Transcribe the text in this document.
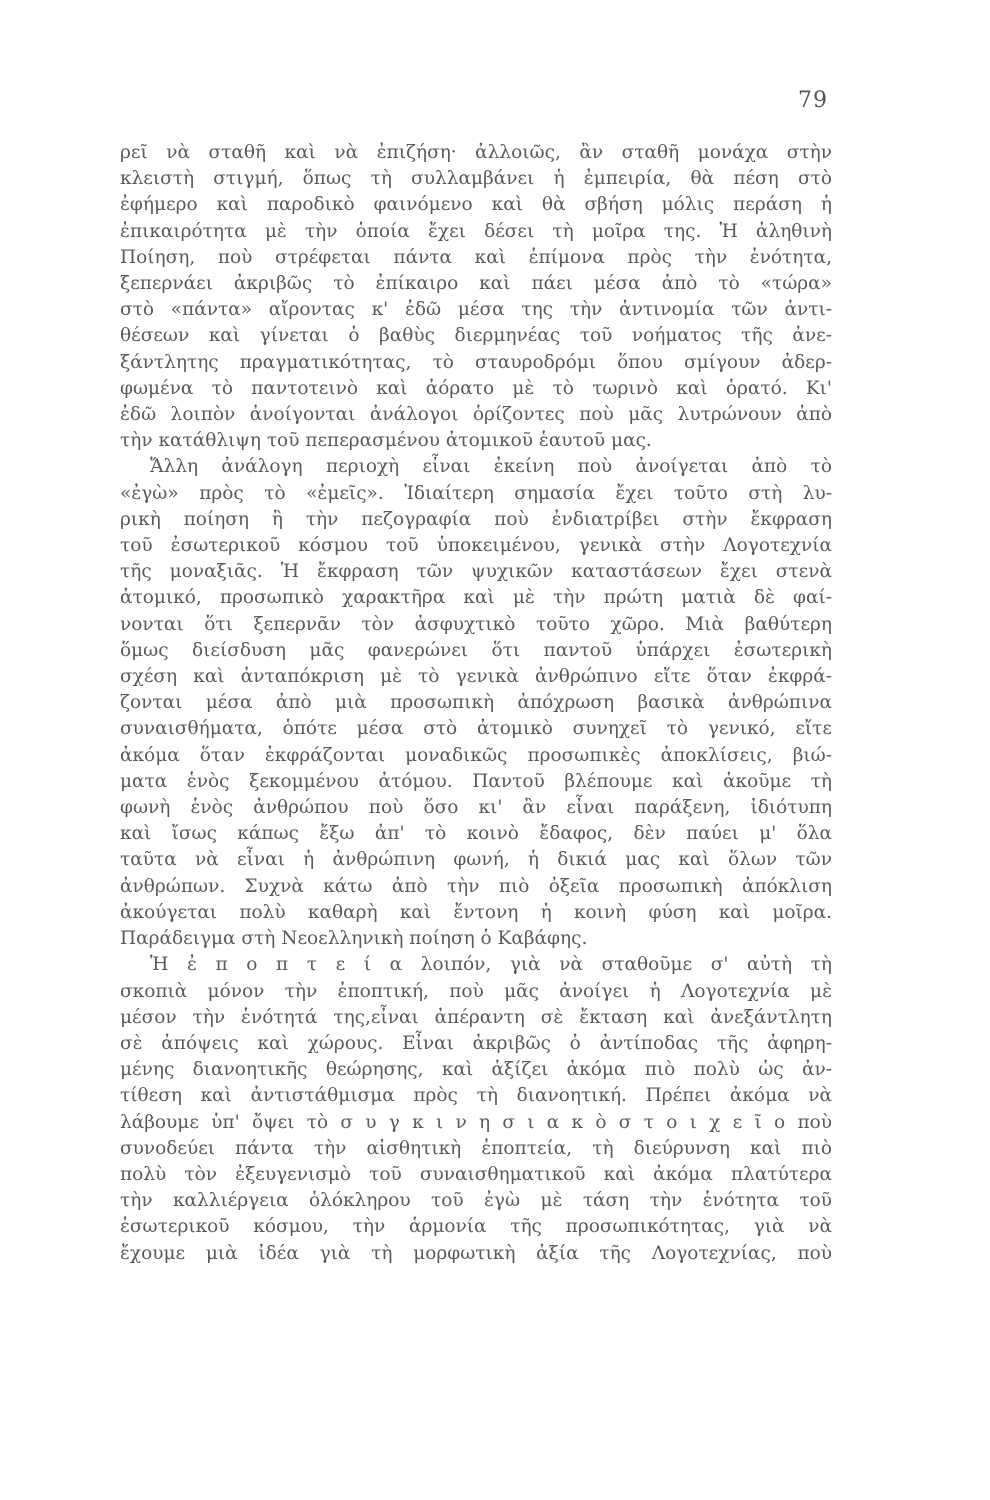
79

ρεῖ νὰ σταθῆ καὶ νὰ ἐπιζήση· ἀλλοιῶς, ἂν σταθῆ μονάχα στὴν
κλειστὴ στιγμή, ὅπως τὴ συλλαμβάνει ἡ ἐμπειρία, θὰ πέση στὸ
ἐφήμερο καὶ παροδικὸ φαινόμενο καὶ θὰ σβήση μόλις περάση ἡ
ἐπικαιρότητα μὲ τὴν ὁποία ἔχει δέσει τὴ μοῖρα της. Ἡ ἀληθινὴ
Ποίηση, ποὺ στρέφεται πάντα καὶ ἐπίμονα πρὸς τὴν ἑνότητα,
ξεπερνάει ἀκριβῶς τὸ ἐπίκαιρο καὶ πάει μέσα ἀπὸ τὸ «τώρα»
στὸ «πάντα» αἴροντας κ' ἐδῶ μέσα της τὴν ἀντινομία τῶν ἀντι-
θέσεων καὶ γίνεται ὁ βαθὺς διερμηνέας τοῦ νοήματος τῆς ἀνε-
ξάντλητης πραγματικότητας, τὸ σταυροδρόμι ὅπου σμίγουν ἀδερ-
φωμένα τὸ παντοτεινὸ καὶ ἀόρατο μὲ τὸ τωρινὸ καὶ ὁρατό. Κι'
ἐδῶ λοιπὸν ἀνοίγονται ἀνάλογοι ὁρίζοντες ποὺ μᾶς λυτρώνουν ἀπὸ
τὴν κατάθλιψη τοῦ πεπερασμένου ἀτομικοῦ ἑαυτοῦ μας.

Ἄλλη ἀνάλογη περιοχὴ εἶναι ἐκείνη ποὺ ἀνοίγεται ἀπὸ τὸ
«ἐγὼ» πρὸς τὸ «ἐμεῖς». Ἰδιαίτερη σημασία ἔχει τοῦτο στὴ λυ-
ρικὴ ποίηση ἢ τὴν πεζογραφία ποὺ ἐνδιατρίβει στὴν ἔκφραση
τοῦ ἐσωτερικοῦ κόσμου τοῦ ὑποκειμένου, γενικὰ στὴν Λογοτεχνία
τῆς μοναξιᾶς. Ἡ ἔκφραση τῶν ψυχικῶν καταστάσεων ἔχει στενὰ
ἀτομικό, προσωπικὸ χαρακτῆρα καὶ μὲ τὴν πρώτη ματιὰ δὲ φαί-
νονται ὅτι ξεπερνᾶν τὸν ἀσφυχτικὸ τοῦτο χῶρο. Μιὰ βαθύτερη
ὅμως διείσδυση μᾶς φανερώνει ὅτι παντοῦ ὑπάρχει ἐσωτερικὴ
σχέση καὶ ἀνταπόκριση μὲ τὸ γενικὰ ἀνθρώπινο εἴτε ὅταν ἐκφρά-
ζονται μέσα ἀπὸ μιὰ προσωπικὴ ἀπόχρωση βασικὰ ἀνθρώπινα
συναισθήματα, ὁπότε μέσα στὸ ἀτομικὸ συνηχεῖ τὸ γενικό, εἴτε
ἀκόμα ὅταν ἐκφράζονται μοναδικῶς προσωπικὲς ἀποκλίσεις, βιώ-
ματα ἑνὸς ξεκομμένου ἀτόμου. Παντοῦ βλέπουμε καὶ ἀκοῦμε τὴ
φωνὴ ἑνὸς ἀνθρώπου ποὺ ὅσο κι' ἂν εἶναι παράξενη, ἰδιότυπη
καὶ ἴσως κάπως ἔξω ἀπ' τὸ κοινὸ ἔδαφος, δὲν παύει μ' ὅλα
ταῦτα νὰ εἶναι ἡ ἀνθρώπινη φωνή, ἡ δικιά μας καὶ ὅλων τῶν
ἀνθρώπων. Συχνὰ κάτω ἀπὸ τὴν πιὸ ὀξεῖα προσωπικὴ ἀπόκλιση
ἀκούγεται πολὺ καθαρὴ καὶ ἔντονη ἡ κοινὴ φύση καὶ μοῖρα.
Παράδειγμα στὴ Νεοελληνικὴ ποίηση ὁ Καβάφης.

Ἡ ἐ π ο π τ ε ί α λοιπόν, γιὰ νὰ σταθοῦμε σ' αὐτὴ τὴ
σκοπιὰ μόνον τὴν ἐποπτική, ποὺ μᾶς ἀνοίγει ἡ Λογοτεχνία μὲ
μέσον τὴν ἑνότητά της,εἶναι ἀπέραντη σὲ ἔκταση καὶ ἀνεξάντλητη
σὲ ἀπόψεις καὶ χώρους. Εἶναι ἀκριβῶς ὁ ἀντίποδας τῆς ἀφηρη-
μένης διανοητικῆς θεώρησης, καὶ ἀξίζει ἀκόμα πιὸ πολὺ ὡς ἀν-
τίθεση καὶ ἀντιστάθμισμα πρὸς τὴ διανοητική. Πρέπει ἀκόμα νὰ
λάβουμε ὑπ' ὄψει τὸ σ υ γ κ ι ν η σ ι α κ ὸ σ τ ο ι χ ε ῖ ο ποὺ
συνοδεύει πάντα τὴν αἰσθητικὴ ἐποπτεία, τὴ διεύρυνση καὶ πιὸ
πολὺ τὸν ἐξευγενισμὸ τοῦ συναισθηματικοῦ καὶ ἀκόμα πλατύτερα
τὴν καλλιέργεια ὁλόκληρου τοῦ ἐγὼ μὲ τάση τὴν ἑνότητα τοῦ
ἐσωτερικοῦ κόσμου, τὴν ἁρμονία τῆς προσωπικότητας, γιὰ νὰ
ἔχουμε μιὰ ἰδέα γιὰ τὴ μορφωτικὴ ἀξία τῆς Λογοτεχνίας, ποὺ
